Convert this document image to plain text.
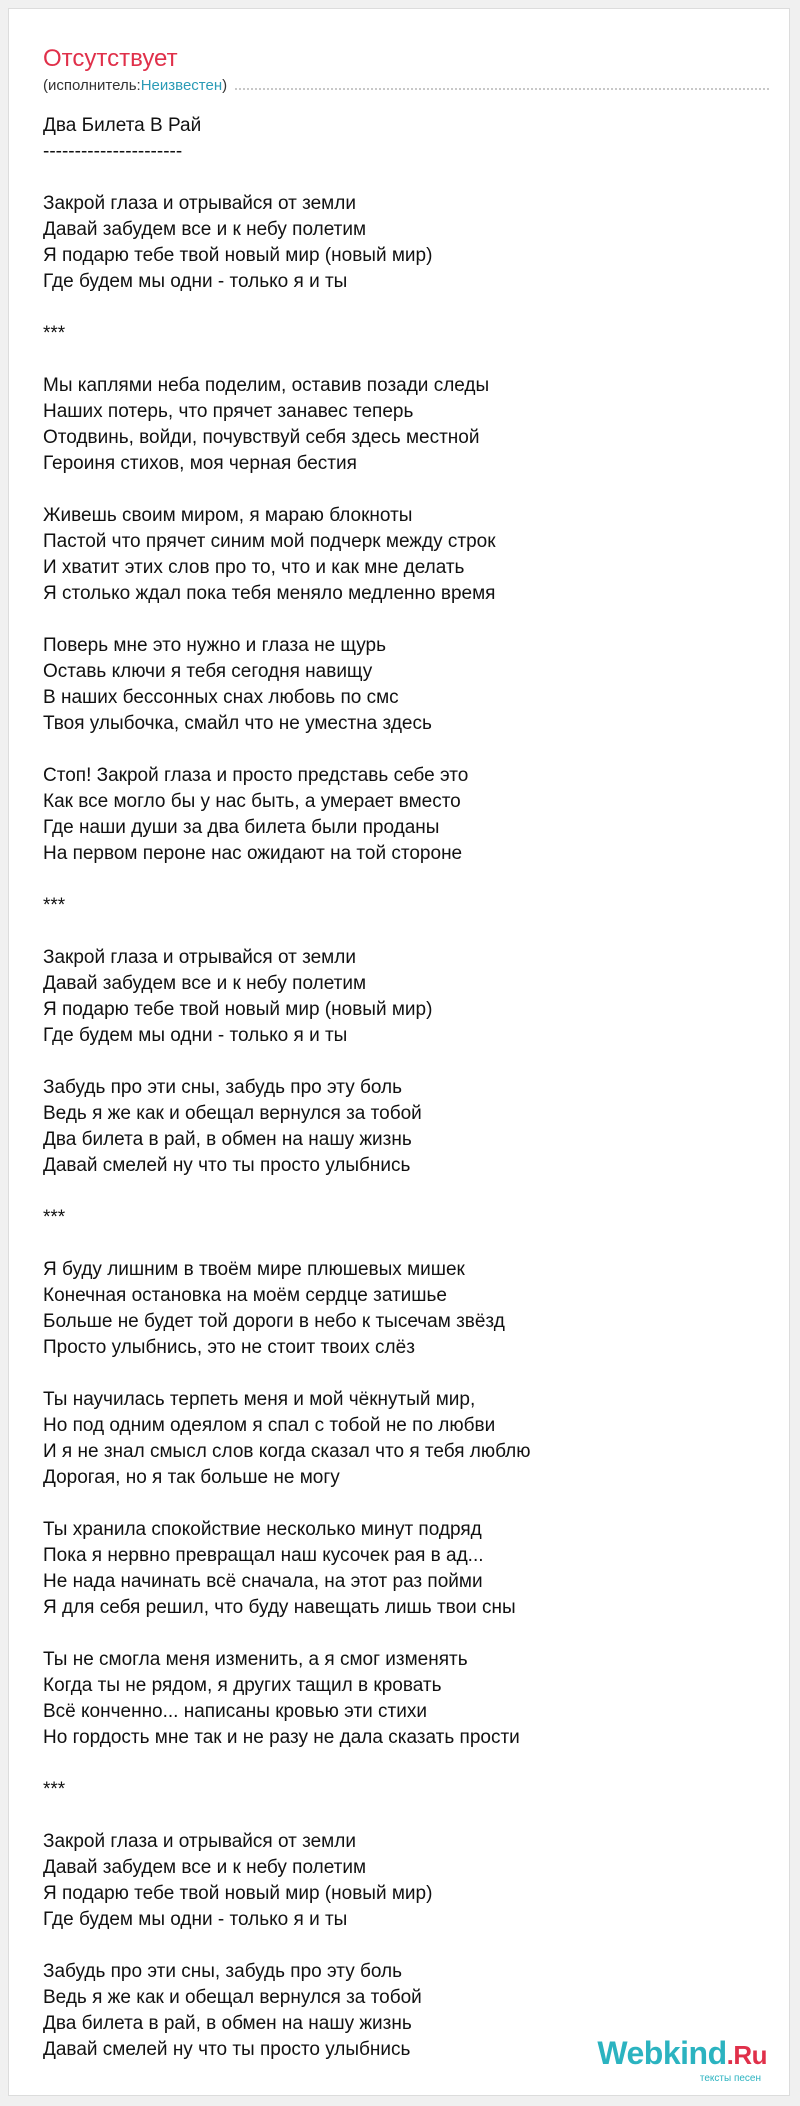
Отсутствует
(исполнитель: Неизвестен )
Два Билета В Рай
----------------------
Закрой глаза и отрывайся от земли
Давай забудем все и к небу полетим
Я подарю тебе твой новый мир (новый мир)
Где будем мы одни - только я и ты
***
Мы каплями неба поделим, оставив позади следы
Наших потерь, что прячет занавес теперь
Отодвинь, войди, почувствуй себя здесь местной
Героиня стихов, моя черная бестия
Живешь своим миром, я мараю блокноты
Пастой что прячет синим мой подчерк между строк
И хватит этих слов про то, что и как мне делать
Я столько ждал пока тебя меняло медленно время
Поверь мне это нужно и глаза не щурь
Оставь ключи я тебя сегодня навищу
В наших бессонных снах любовь по смс
Твоя улыбочка, смайл что не уместна здесь
Стоп! Закрой глаза и просто представь себе это
Как все могло бы у нас быть, а умерает вместо
Где наши души за два билета были проданы
На первом пероне нас ожидают на той стороне
***
Закрой глаза и отрывайся от земли
Давай забудем все и к небу полетим
Я подарю тебе твой новый мир (новый мир)
Где будем мы одни - только я и ты
Забудь про эти сны, забудь про эту боль
Ведь я же как и обещал вернулся за тобой
Два билета в рай, в обмен на нашу жизнь
Давай смелей ну что ты просто улыбнись
***
Я буду лишним в твоём мире плюшевых мишек
Конечная остановка на моём сердце затишье
Больше не будет той дороги в небо к тысечам звёзд
Просто улыбнись, это не стоит твоих слёз
Ты научилась терпеть меня и мой чёкнутый мир,
Но под одним одеялом я спал с тобой не по любви
И я не знал смысл слов когда сказал что я тебя люблю
Дорогая, но я так больше не могу
Ты хранила спокойствие несколько минут подряд
Пока я нервно превращал наш кусочек рая в ад...
Не нада начинать всё сначала, на этот раз пойми
Я для себя решил, что буду навещать лишь твои сны
Ты не смогла меня изменить, а я смог изменять
Когда ты не рядом, я других тащил в кровать
Всё конченно... написаны кровью эти стихи
Но гордость мне так и не разу не дала сказать прости
***
Закрой глаза и отрывайся от земли
Давай забудем все и к небу полетим
Я подарю тебе твой новый мир (новый мир)
Где будем мы одни - только я и ты
Забудь про эти сны, забудь про эту боль
Ведь я же как и обещал вернулся за тобой
Два билета в рай, в обмен на нашу жизнь
Давай смелей ну что ты просто улыбнись	Webkind.Ru
тексты песен
